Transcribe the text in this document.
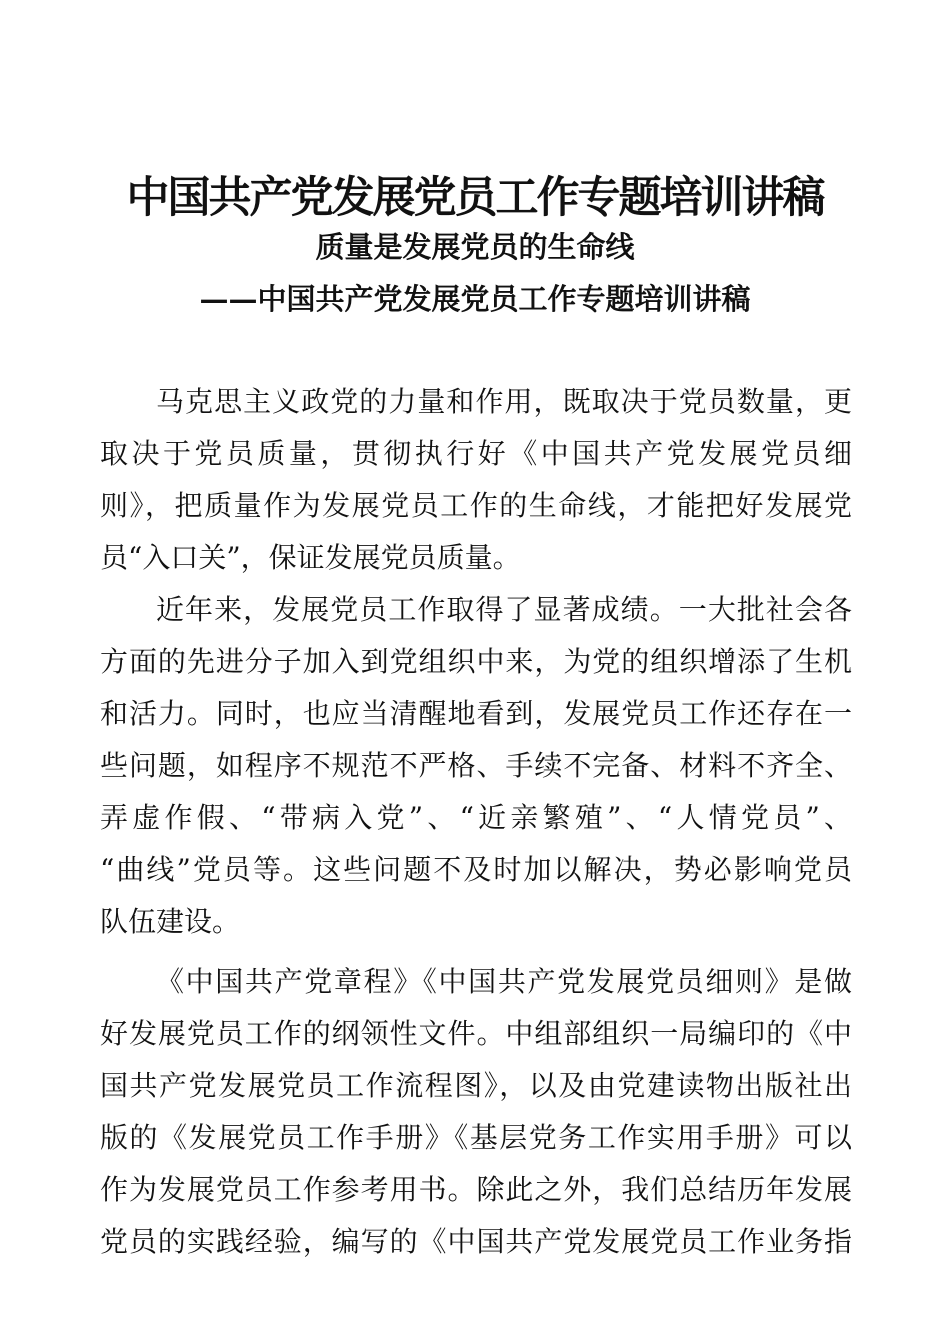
中国共产党发展党员工作专题培训讲稿
质量是发展党员的生命线
——中国共产党发展党员工作专题培训讲稿

马克思主义政党的力量和作用，既取决于党员数量，更
取决于党员质量，贯彻执行好《中国共产党发展党员细
则》，把质量作为发展党员工作的生命线，才能把好发展党
员“入口关”，保证发展党员质量。

近年来，发展党员工作取得了显著成绩。一大批社会各
方面的先进分子加入到党组织中来，为党的组织增添了生机
和活力。同时，也应当清醒地看到，发展党员工作还存在一
些问题，如程序不规范不严格、手续不完备、材料不齐全、
弄虚作假、“带病入党”、“近亲繁殖”、“人情党员”、
“曲线”党员等。这些问题不及时加以解决，势必影响党员
队伍建设。

《中国共产党章程》《中国共产党发展党员细则》是做
好发展党员工作的纲领性文件。中组部组织一局编印的《中
国共产党发展党员工作流程图》，以及由党建读物出版社出
版的《发展党员工作手册》《基层党务工作实用手册》可以
作为发展党员工作参考用书。除此之外，我们总结历年发展
党员的实践经验，编写的《中国共产党发展党员工作业务指
